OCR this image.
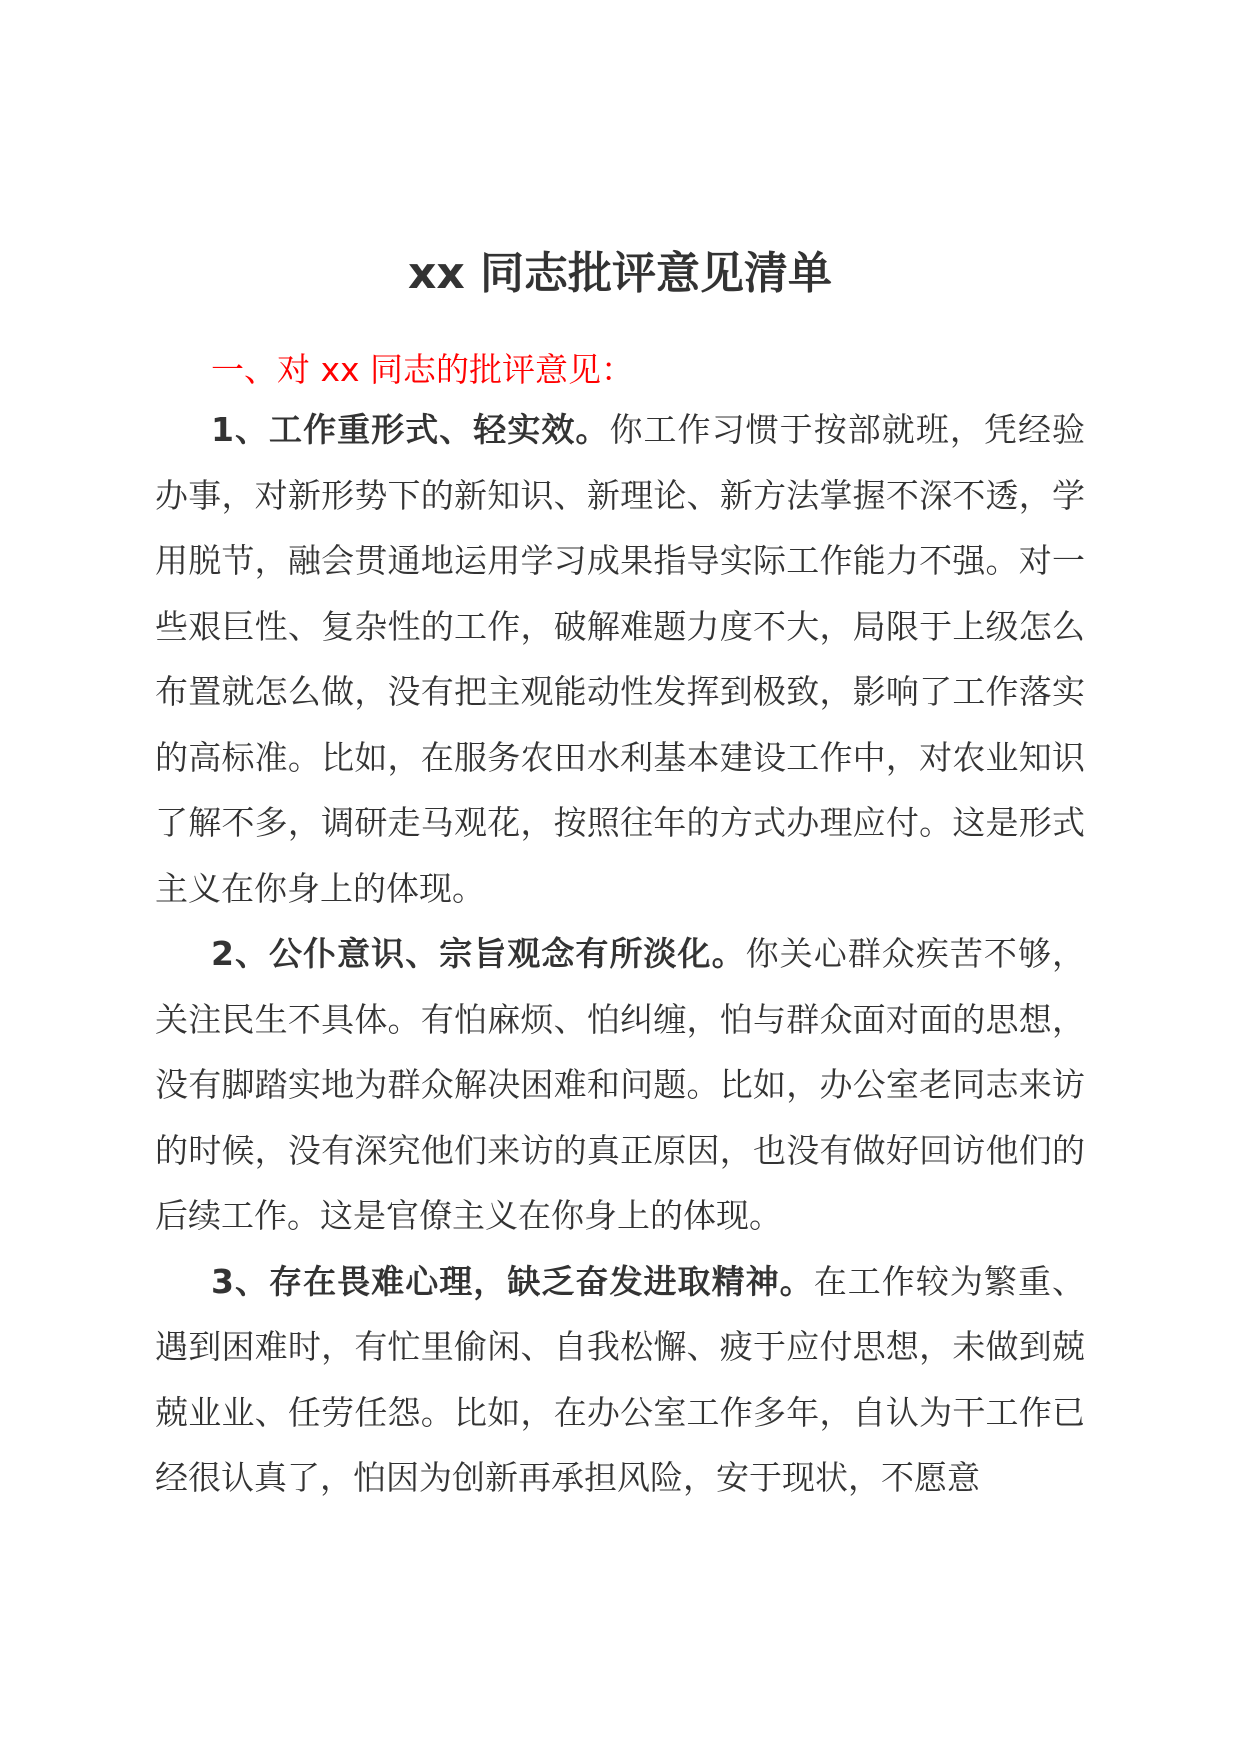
xx 同志批评意见清单

一、对 xx 同志的批评意见：

1、工作重形式、轻实效。你工作习惯于按部就班，凭经验办事，对新形势下的新知识、新理论、新方法掌握不深不透，学用脱节，融会贯通地运用学习成果指导实际工作能力不强。对一些艰巨性、复杂性的工作，破解难题力度不大，局限于上级怎么布置就怎么做，没有把主观能动性发挥到极致，影响了工作落实的高标准。比如，在服务农田水利基本建设工作中，对农业知识了解不多，调研走马观花，按照往年的方式办理应付。这是形式主义在你身上的体现。

2、公仆意识、宗旨观念有所淡化。你关心群众疾苦不够，关注民生不具体。有怕麻烦、怕纠缠，怕与群众面对面的思想，没有脚踏实地为群众解决困难和问题。比如，办公室老同志来访的时候，没有深究他们来访的真正原因，也没有做好回访他们的后续工作。这是官僚主义在你身上的体现。

3、存在畏难心理，缺乏奋发进取精神。在工作较为繁重、遇到困难时，有忙里偷闲、自我松懈、疲于应付思想，未做到兢兢业业、任劳任怨。比如，在办公室工作多年，自认为干工作已经很认真了，怕因为创新再承担风险，安于现状，不愿意
